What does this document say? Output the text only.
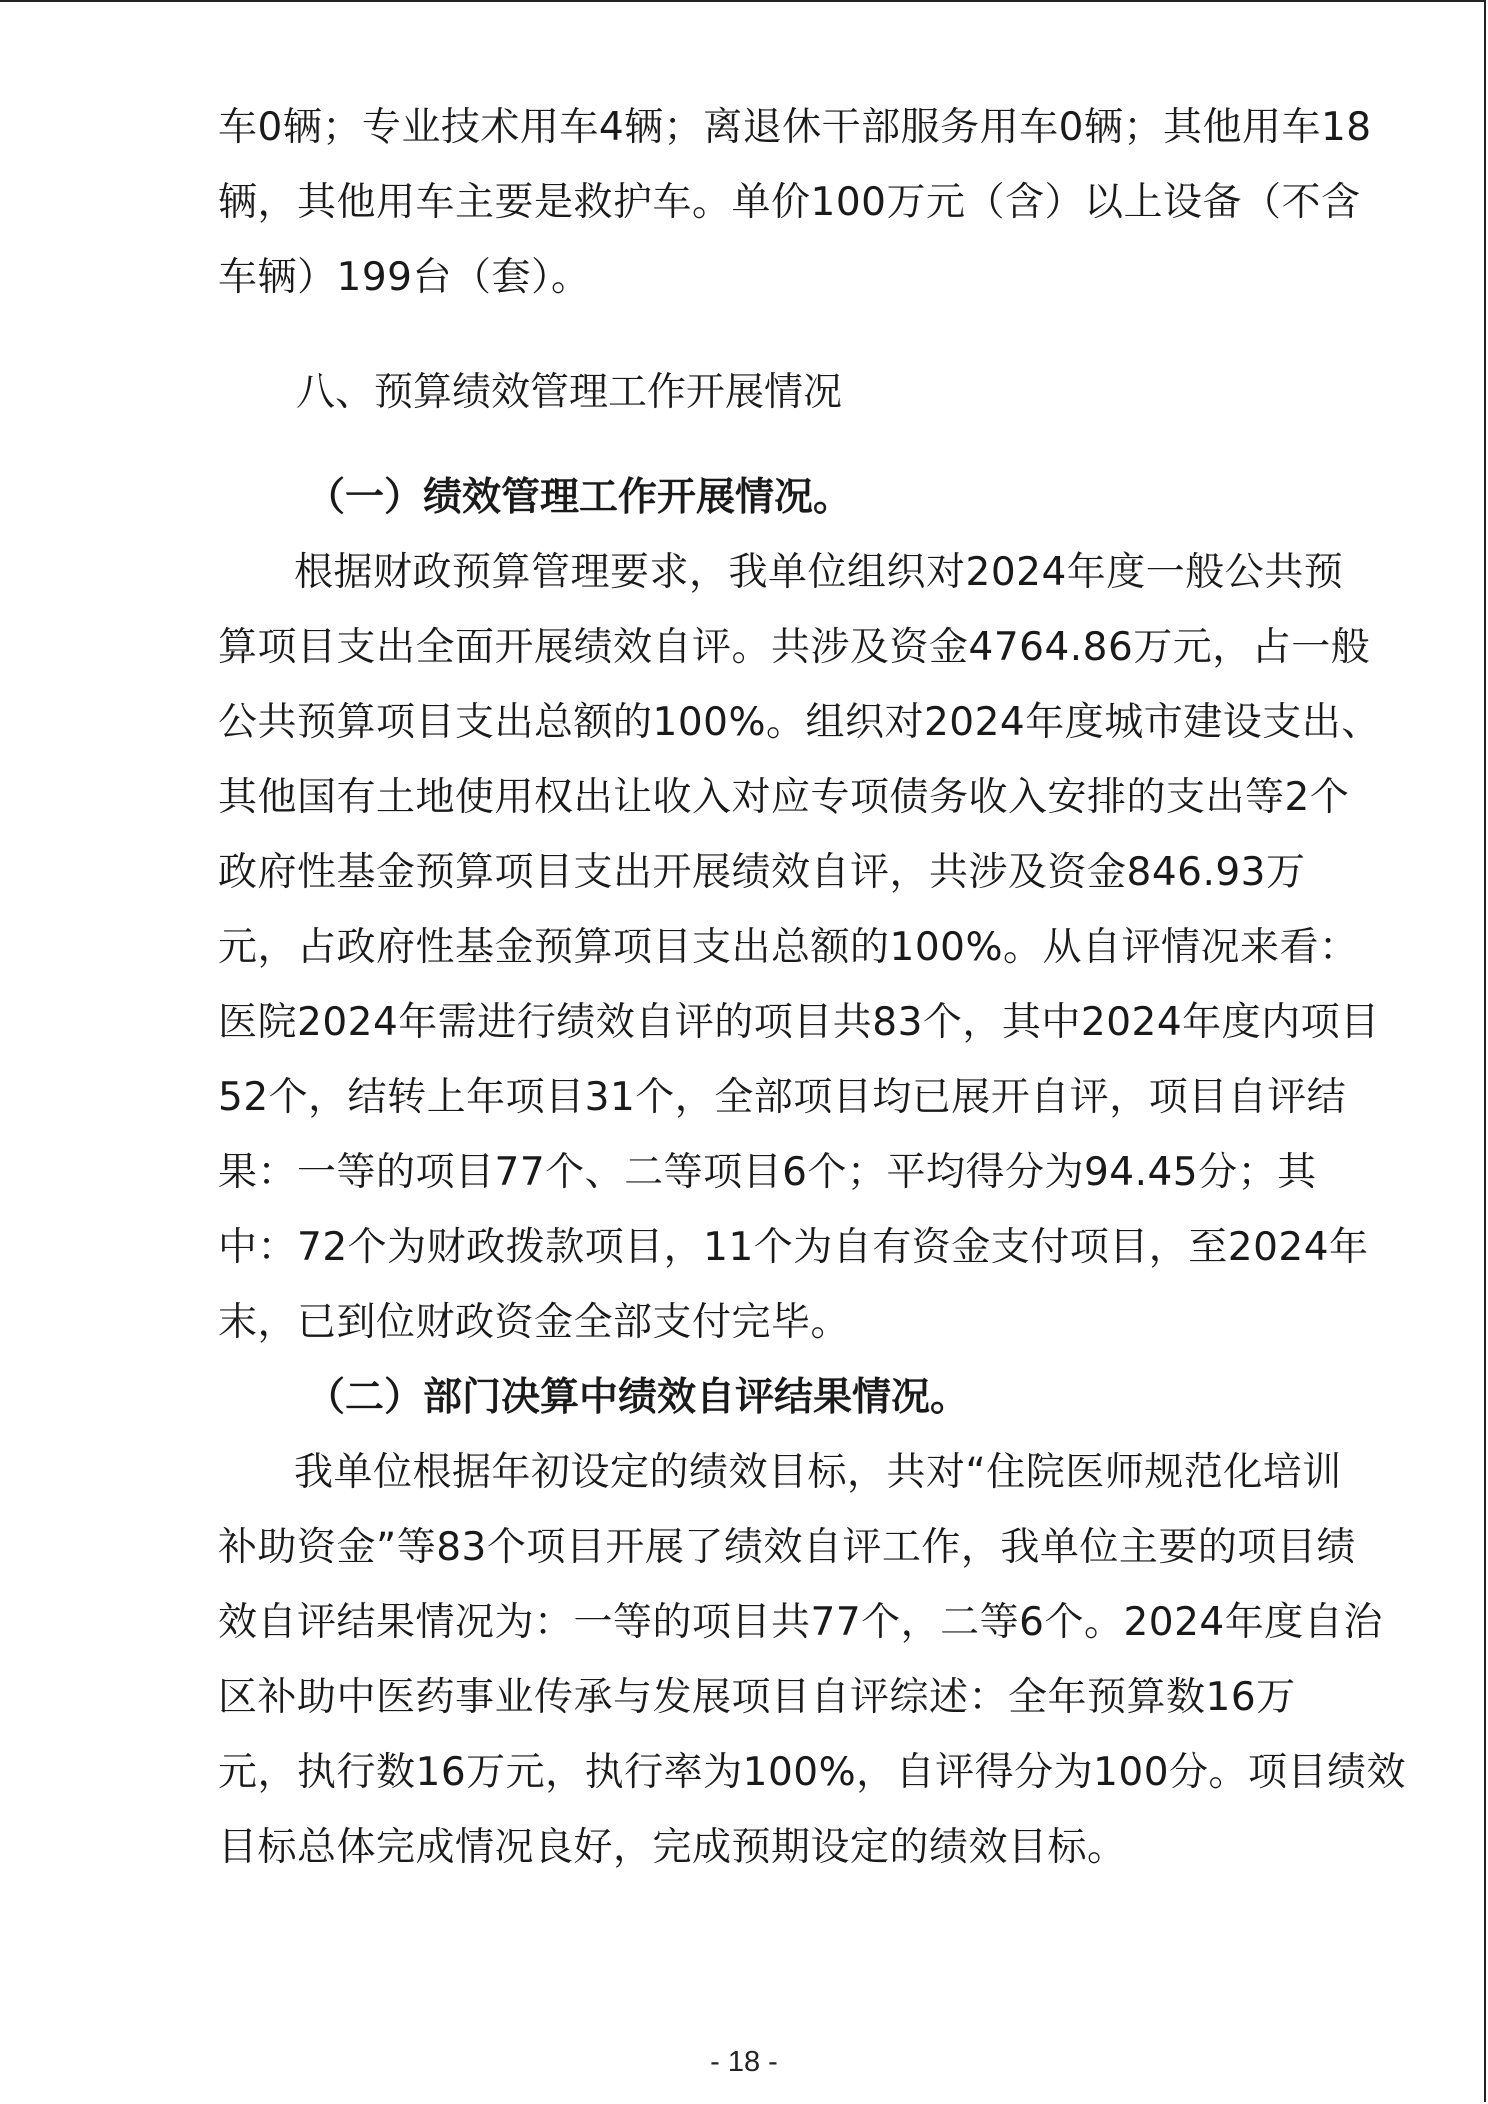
车0辆；专业技术用车4辆；离退休干部服务用车0辆；其他用车18
辆，其他用车主要是救护车。单价100万元（含）以上设备（不含
车辆）199台（套）。
八、预算绩效管理工作开展情况
（一）绩效管理工作开展情况。
根据财政预算管理要求，我单位组织对2024年度一般公共预
算项目支出全面开展绩效自评。共涉及资金4764.86万元，占一般
公共预算项目支出总额的100%。组织对2024年度城市建设支出、
其他国有土地使用权出让收入对应专项债务收入安排的支出等2个
政府性基金预算项目支出开展绩效自评，共涉及资金846.93万
元，占政府性基金预算项目支出总额的100%。从自评情况来看：
医院2024年需进行绩效自评的项目共83个，其中2024年度内项目
52个，结转上年项目31个，全部项目均已展开自评，项目自评结
果：一等的项目77个、二等项目6个；平均得分为94.45分；其
中：72个为财政拨款项目，11个为自有资金支付项目，至2024年
末，已到位财政资金全部支付完毕。
（二）部门决算中绩效自评结果情况。
我单位根据年初设定的绩效目标，共对“住院医师规范化培训
补助资金”等83个项目开展了绩效自评工作，我单位主要的项目绩
效自评结果情况为：一等的项目共77个，二等6个。2024年度自治
区补助中医药事业传承与发展项目自评综述：全年预算数16万
元，执行数16万元，执行率为100%，自评得分为100分。项目绩效
目标总体完成情况良好，完成预期设定的绩效目标。
- 18 -
